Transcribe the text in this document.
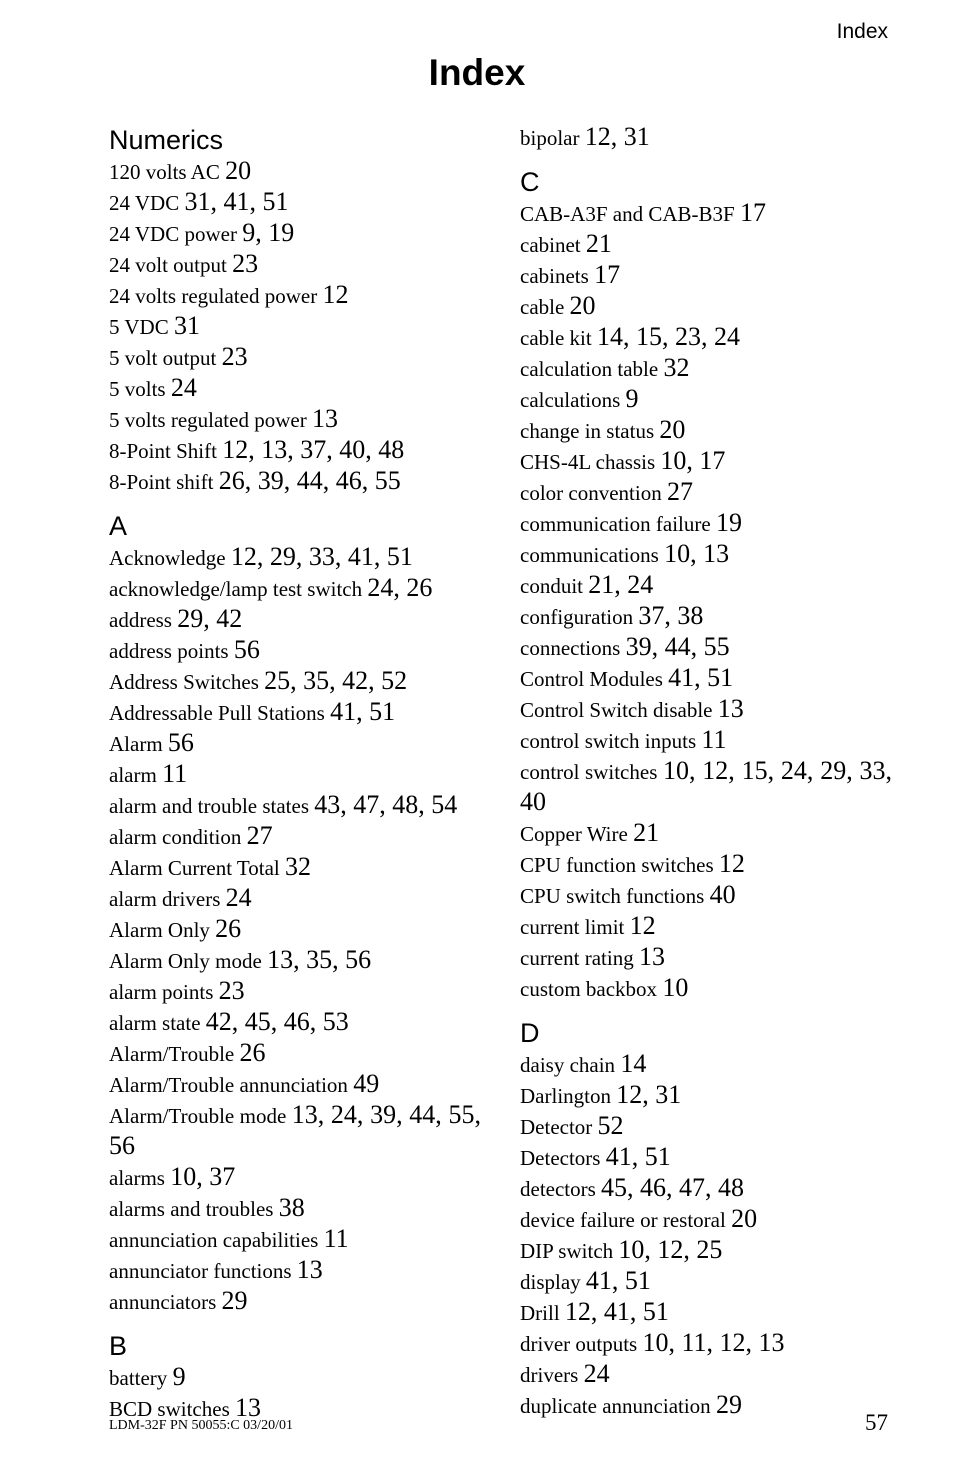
Index
Index
Numerics
120 volts AC 20
24 VDC 31, 41, 51
24 VDC power 9, 19
24 volt output 23
24 volts regulated power 12
5 VDC 31
5 volt output 23
5 volts 24
5 volts regulated power 13
8-Point Shift 12, 13, 37, 40, 48
8-Point shift 26, 39, 44, 46, 55
A
Acknowledge 12, 29, 33, 41, 51
acknowledge/lamp test switch 24, 26
address 29, 42
address points 56
Address Switches 25, 35, 42, 52
Addressable Pull Stations 41, 51
Alarm 56
alarm 11
alarm and trouble states 43, 47, 48, 54
alarm condition 27
Alarm Current Total 32
alarm drivers 24
Alarm Only 26
Alarm Only mode 13, 35, 56
alarm points 23
alarm state 42, 45, 46, 53
Alarm/Trouble 26
Alarm/Trouble annunciation 49
Alarm/Trouble mode 13, 24, 39, 44, 55, 56
alarms 10, 37
alarms and troubles 38
annunciation capabilities 11
annunciator functions 13
annunciators 29
B
battery 9
BCD switches 13
bipolar 12, 31
C
CAB-A3F and CAB-B3F 17
cabinet 21
cabinets 17
cable 20
cable kit 14, 15, 23, 24
calculation table 32
calculations 9
change in status 20
CHS-4L chassis 10, 17
color convention 27
communication failure 19
communications 10, 13
conduit 21, 24
configuration 37, 38
connections 39, 44, 55
Control Modules 41, 51
Control Switch disable 13
control switch inputs 11
control switches 10, 12, 15, 24, 29, 33, 40
Copper Wire 21
CPU function switches 12
CPU switch functions 40
current limit 12
current rating 13
custom backbox 10
D
daisy chain 14
Darlington 12, 31
Detector 52
Detectors 41, 51
detectors 45, 46, 47, 48
device failure or restoral 20
DIP switch 10, 12, 25
display 41, 51
Drill 12, 41, 51
driver outputs 10, 11, 12, 13
drivers 24
duplicate annunciation 29
LDM-32F PN 50055:C 03/20/01	57
